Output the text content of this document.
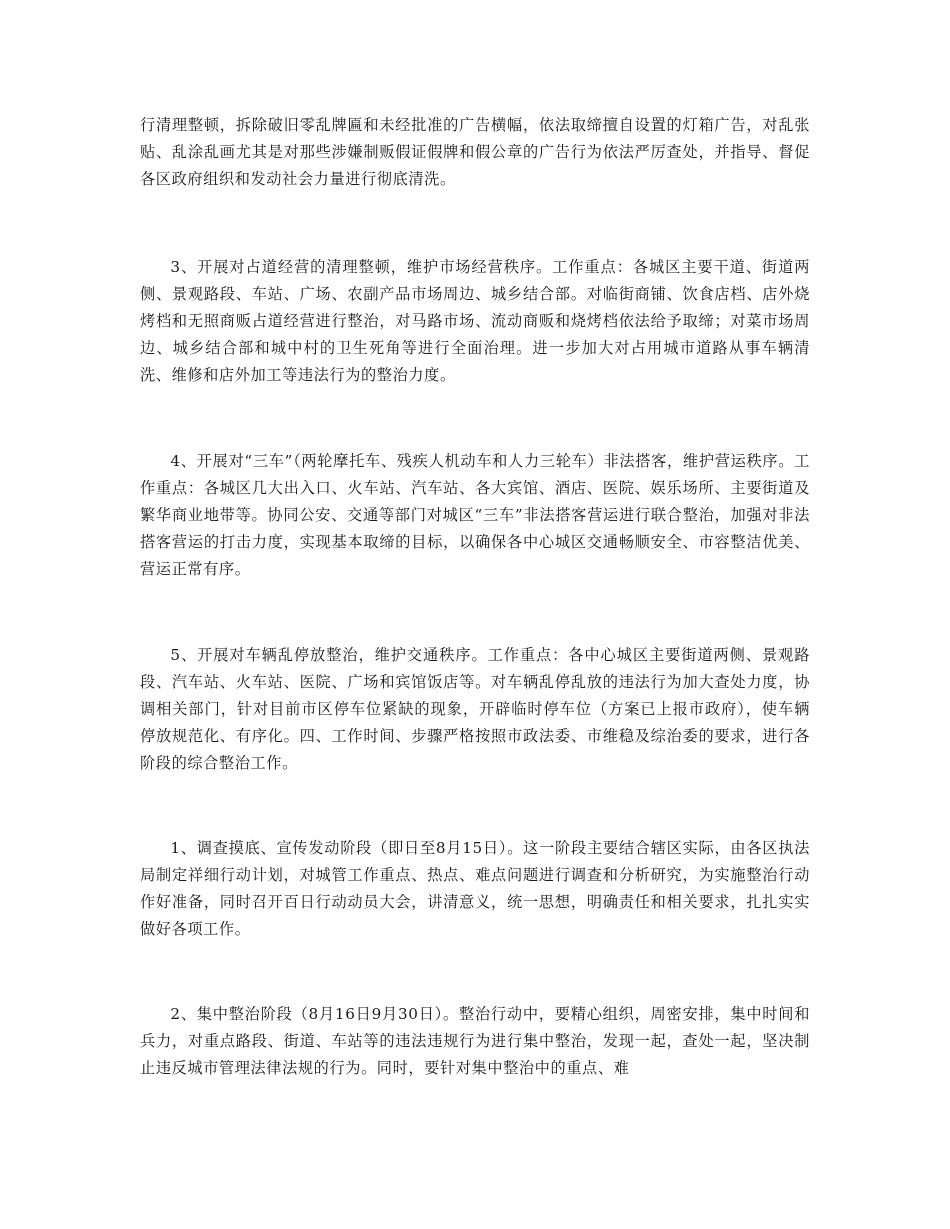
行清理整顿，拆除破旧零乱牌匾和未经批准的广告横幅，依法取缔擅自设置的灯箱广告，对乱张贴、乱涂乱画尤其是对那些涉嫌制贩假证假牌和假公章的广告行为依法严厉查处，并指导、督促各区政府组织和发动社会力量进行彻底清洗。

3、开展对占道经营的清理整顿，维护市场经营秩序。工作重点：各城区主要干道、街道两侧、景观路段、车站、广场、农副产品市场周边、城乡结合部。对临街商铺、饮食店档、店外烧烤档和无照商贩占道经营进行整治，对马路市场、流动商贩和烧烤档依法给予取缔；对菜市场周边、城乡结合部和城中村的卫生死角等进行全面治理。进一步加大对占用城市道路从事车辆清洗、维修和店外加工等违法行为的整治力度。

4、开展对“三车”（两轮摩托车、残疾人机动车和人力三轮车）非法搭客，维护营运秩序。工作重点：各城区几大出入口、火车站、汽车站、各大宾馆、酒店、医院、娱乐场所、主要街道及繁华商业地带等。协同公安、交通等部门对城区“三车”非法搭客营运进行联合整治，加强对非法搭客营运的打击力度，实现基本取缔的目标，以确保各中心城区交通畅顺安全、市容整洁优美、营运正常有序。

5、开展对车辆乱停放整治，维护交通秩序。工作重点：各中心城区主要街道两侧、景观路段、汽车站、火车站、医院、广场和宾馆饭店等。对车辆乱停乱放的违法行为加大查处力度，协调相关部门，针对目前市区停车位紧缺的现象，开辟临时停车位（方案已上报市政府），使车辆停放规范化、有序化。四、工作时间、步骤严格按照市政法委、市维稳及综治委的要求，进行各阶段的综合整治工作。

1、调查摸底、宣传发动阶段（即日至8月15日）。这一阶段主要结合辖区实际，由各区执法局制定祥细行动计划，对城管工作重点、热点、难点问题进行调查和分析研究，为实施整治行动作好准备，同时召开百日行动动员大会，讲清意义，统一思想，明确责任和相关要求，扎扎实实做好各项工作。

2、集中整治阶段（8月16日9月30日）。整治行动中，要精心组织，周密安排，集中时间和兵力，对重点路段、街道、车站等的违法违规行为进行集中整治，发现一起，查处一起，坚决制止违反城市管理法律法规的行为。同时，要针对集中整治中的重点、难
